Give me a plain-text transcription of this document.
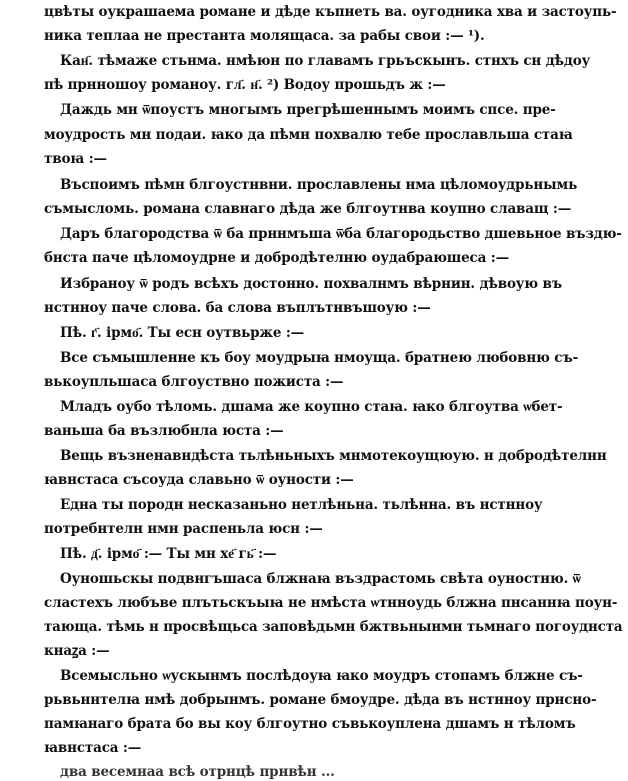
цвѣты оукрашаема романе и дѣде къпнеть ва. оугодника хва и застоупь-
ника теплаа не престанта молящаса. за рабы свои :— ¹).
Кан҃. тѣмаже стьнма. нмѣюн по главамъ грьъскынъ. стнхъ сн дѣдоу
пѣ прнношоу романоу. гл҃. н҃. ²) Водоу прошьдъ ж :—
Даждь мн ѿпоустъ многымъ прегрѣшеннымъ моимъ спсе. пре-
моудрость мн подаи. ꙗко да пѣмн похвалю тебе прославльша стаꙗ
твоꙗ :—
Въспоимъ пѣмн блгоустнвни. прославлены нма цѣломоудрьнымь
съмысломь. романа славнаго дѣда же блгоутнва коупно славащ :—
Даръ благородства ѿ ба прннмъша ѿба благородьство дшевьное въздю-
бнста паче цѣломоудрне и добродѣтелню оудабраюшеса :—
Избраноу ѿ родъ всѣхъ достонно. похвалнмъ вѣрнин. дѣвоую въ
нстнноу паче слова. ба слова въплътнвъшоую :—
Пѣ. г҃. ірмо҃. Ты есн оутвьрже :—
Все съмышленне къ боу моудрыꙗ нмоуща. братнею любовню съ-
вькоупльшаса блгоуствно пожиста :—
Младъ оубо тѣломь. дшама же коупно стаꙗ. ꙗко блгоутва ѡбет-
ваньша ба възлюбнла юста :—
Вещь възненавндѣста тьлѣньныхъ мнмотекоущюую. н добродѣтелнн
ꙗвнстаса съсоуда славьно ѿ оуности :—
Една ты породн несказаньно нетлѣньна. тьлѣнна. въ нстнноу
потребнтелн нмн распеньла юсн :—
Пѣ. д҃. ірмо҃ :— Ты мн хе҃ гь҃ :—
Оуношьскы подвнгъшаса блжнаꙗ въздрастомь свѣта оуностню. ѿ
сластехъ любъве плътьскъыꙗ не нмѣста ѡтнноудь блжна пнсаннꙗ поун-
тающа. тѣмь н просвѣщьса заповѣдьмн бжтвьнынмн тьмнаго погоуднста
кнаꙁа :—
Всемысльно ѡускынмъ послѣдоуꙗ ꙗко моудръ стопамъ блжне съ-
рьвьннтелꙗ нмѣ добрынмъ. романе бмоудре. дѣда въ нстнноу прнсно-
памꙗнаго брата бо вы коу блгоутно съвькоуплена дшамъ н тѣломъ
ꙗвнстаса :—
два весемнаа всѣ отрнцѣ прнвѣн ...
